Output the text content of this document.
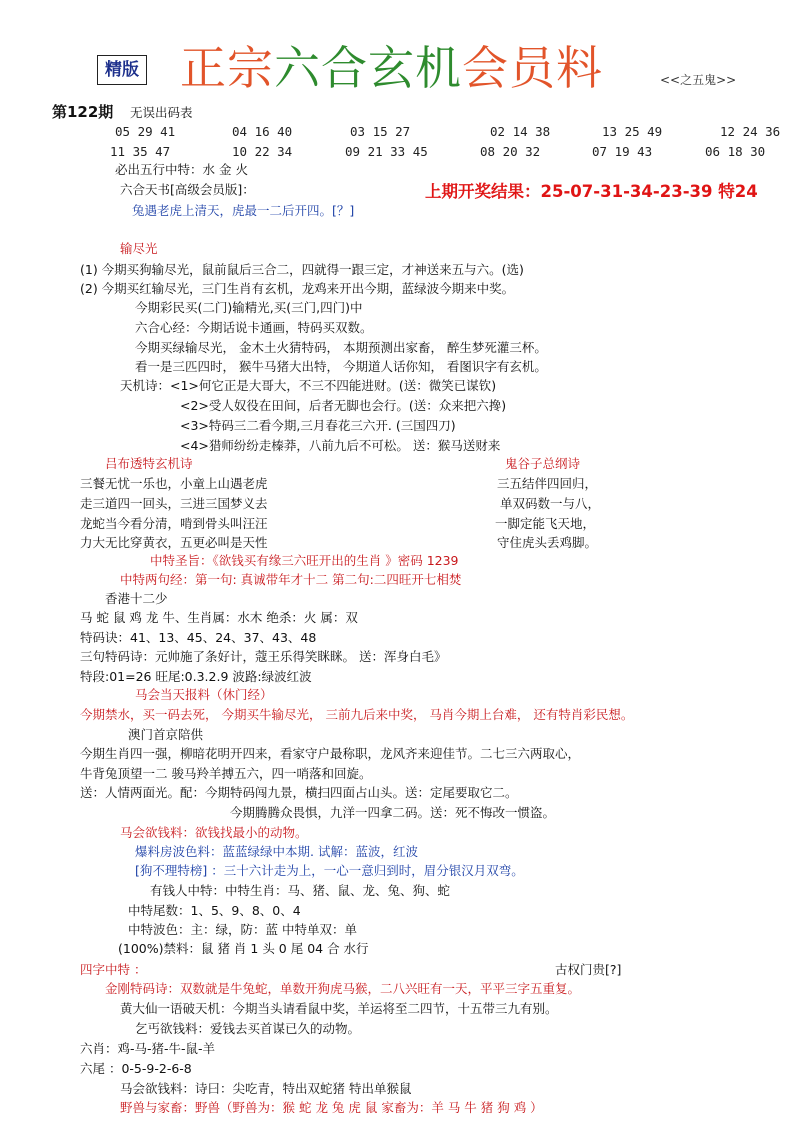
精版 正宗六合玄机会员料	<<之五鬼>>
第122期 无误出码表
05 29 41	04 16 40	03 15 27	02 14 38	13 25 49	12 24 36
11 35 47	10 22 34	09 21 33 45	08 20 32	07 19 43	06 18 30
上期开奖结果：25-07-31-34-23-39 特24
必出五行中特：水 金 火
六合天书[高级会员版]：
兔遇老虎上清天，虎最一二后开四。[？]
输尽光
(1) 今期买狗输尽光，鼠前鼠后三合二，四就得一跟三定，才神送来五与六。(选)
(2) 今期买红输尽光，三门生肖有玄机，龙鸡来开出今期，蓝绿波今期来中奖。
今期彩民买(二门)输精光,买(三门,四门)中
六合心经：今期话说卡通画，特码买双数。
今期买绿输尽光， 金木土火猜特码， 本期预测出家畜， 醉生梦死灌三杯。
看一是三匹四时， 猴牛马猪大出特， 今期道人话你知， 看图识字有玄机。
天机诗：<1>何它正是大哥大，不三不四能进财。(送：微笑已谋钦)
<2>受人奴役在田间，后者无脚也会行。(送：众来把六搀)
<3>特码三二看今期,三月春花三六开. (三国四刀)
<4>猎师纷纷走榛莽，八前九后不可松。 送：猴马送财来
吕布透特玄机诗	鬼谷子总纲诗
三餐无忧一乐也，小童上山遇老虎	三五结伴四回归，
走三道四一回头，三进三国梦义去	单双码数一与八，
龙蛇当今看分清，啃到骨头叫汪汪	一脚定能飞天地，
力大无比穿黄衣，五更必叫是天性	守住虎头丢鸡脚。
中特圣旨：《欲钱买有缘三六旺开出的生肖 》密码 1239
中特两句经：第一句: 真诚带年才十二 第二句:二四旺开七相焚
香港十二少
马 蛇 鼠 鸡 龙 牛、生肖属：水木 绝杀：火 属：双
特码诀：41、13、45、24、37、43、48
三句特码诗：元帅施了条好计，蔻王乐得笑眯眯。 送：浑身白毛》
特段:01=26 旺尾:0.3.2.9 波路:绿波红波
马会当天报料（休门经）
今期禁水，买一码去死， 今期买牛输尽光， 三前九后来中奖， 马肖今期上台难， 还有特肖彩民想。
澳门首京陪供
今期生肖四一强，柳暗花明开四来，看家守户最称职，龙风齐来迎佳节。二七三六两取心，
牛背兔顶望一二 骏马羚羊搏五六，四一哨落和回旋。
送：人情两面光。配：今期特码闯九景，横扫四面占山头。送：定尾要取它二。
今期腾腾众畏惧，九洋一四拿二码。送：死不悔改一惯盗。
马会欲钱料：欲钱找最小的动物。
爆料房波色料：蓝蓝绿绿中本期. 试解：蓝波，红波
[狗不理特榜] ：三十六计走为上，一心一意归到时，眉分银汉月双弯。
有钱人中特：中特生肖：马、猪、鼠、龙、兔、狗、蛇
中特尾数：1、5、9、8、0、4
中特波色：主：绿，防：蓝 中特单双：单
(100%)禁料：鼠 猪 肖 1 头 0 尾 04 合 水行
四字中特 ：	古权门贵[?]
金刚特码诗：双数就是牛兔蛇，单数开狗虎马猴，二八兴旺有一天，平平三字五重复。
黄大仙一语破天机：今期当头请看鼠中奖，羊运将至二四节，十五带三九有别。
乞丐欲钱料：爱钱去买首谋已久的动物。
六肖：鸡-马-猪-牛-鼠-羊
六尾 ：0-5-9-2-6-8
马会欲钱料：诗曰：尖吃青，特出双蛇猪 特出单猴鼠
野兽与家畜：野兽（野兽为：猴 蛇 龙 兔 虎 鼠 家畜为：羊 马 牛 猪 狗 鸡 ）
